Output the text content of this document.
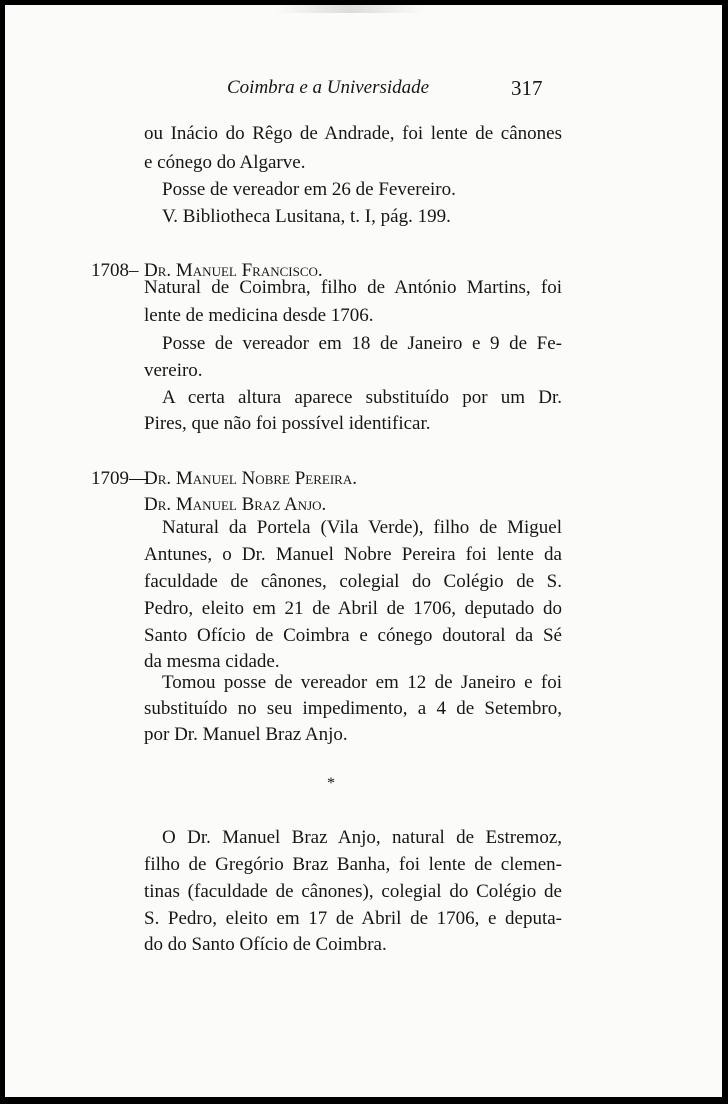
Coimbra e a Universidade	317
ou Inácio do Rêgo de Andrade, foi lente de cânones
e cónego do Algarve.
Posse de vereador em 26 de Fevereiro.
V. Bibliotheca Lusitana, t. I, pág. 199.
1708– Dr. Manuel Francisco.
Natural de Coimbra, filho de António Martins, foi
lente de medicina desde 1706.
Posse de vereador em 18 de Janeiro e 9 de Fe-
vereiro.
A certa altura aparece substituído por um Dr.
Pires, que não foi possível identificar.
1709—
Dr. Manuel Nobre Pereira.
Dr. Manuel Braz Anjo.
Natural da Portela (Vila Verde), filho de Miguel
Antunes, o Dr. Manuel Nobre Pereira foi lente da
faculdade de cânones, colegial do Colégio de S.
Pedro, eleito em 21 de Abril de 1706, deputado do
Santo Ofício de Coimbra e cónego doutoral da Sé
da mesma cidade.
Tomou posse de vereador em 12 de Janeiro e foi
substituído no seu impedimento, a 4 de Setembro,
por Dr. Manuel Braz Anjo.
*
O Dr. Manuel Braz Anjo, natural de Estremoz,
filho de Gregório Braz Banha, foi lente de clemen-
tinas (faculdade de cânones), colegial do Colégio de
S. Pedro, eleito em 17 de Abril de 1706, e deputa-
do do Santo Ofício de Coimbra.
